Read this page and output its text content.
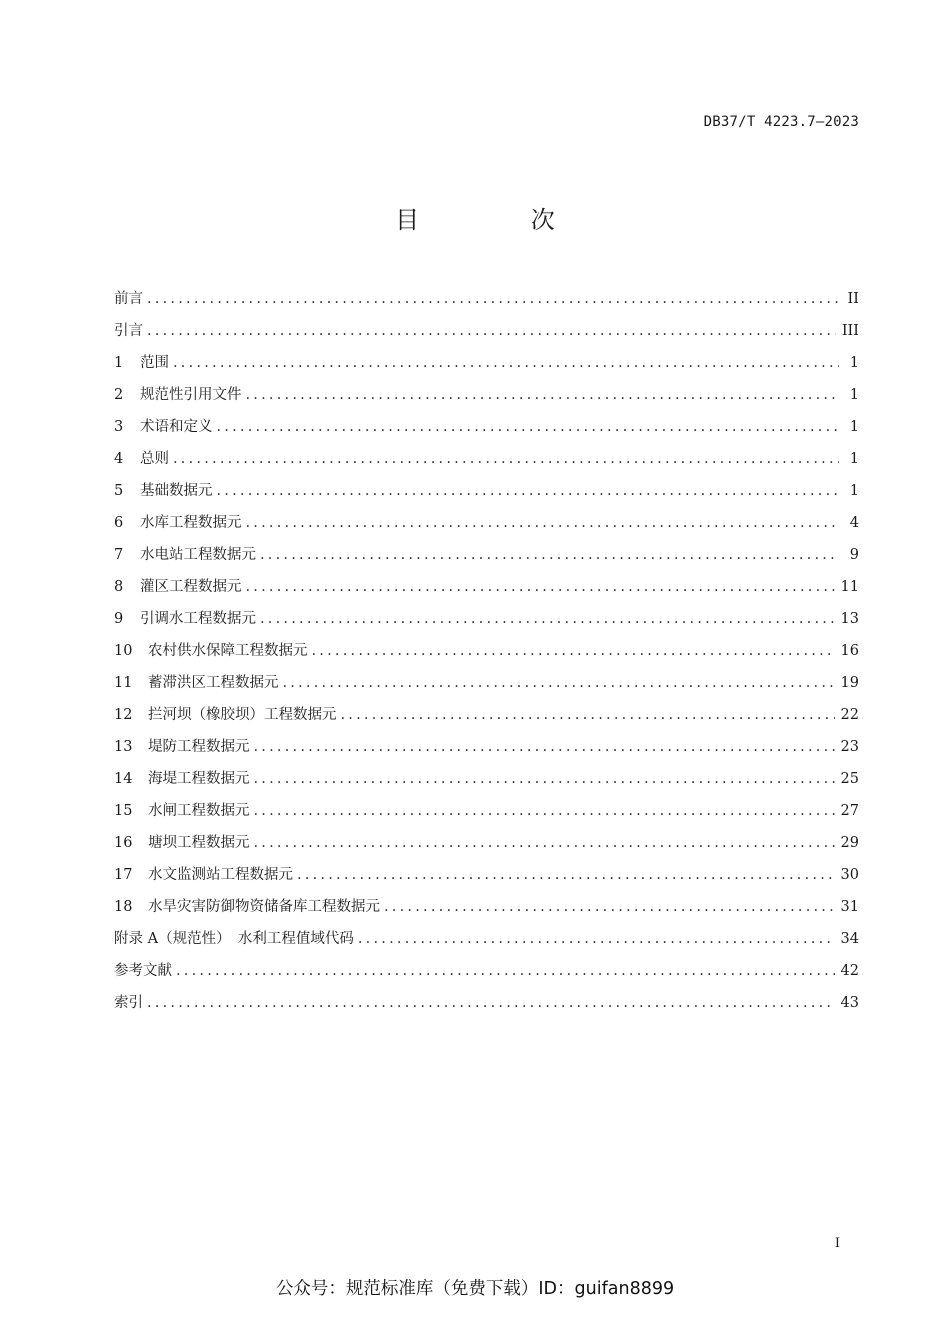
DB37/T 4223.7—2023
目 次
前言 .....	II
引言 .....	III
1	范围 .....	1
2	规范性引用文件 .....	1
3	术语和定义 .....	1
4	总则 .....	1
5	基础数据元 .....	1
6	水库工程数据元 .....	4
7	水电站工程数据元 .....	9
8	灌区工程数据元 .....	11
9	引调水工程数据元 .....	13
10	农村供水保障工程数据元 .....	16
11	蓄滞洪区工程数据元 .....	19
12	拦河坝（橡胶坝）工程数据元 .....	22
13	堤防工程数据元 .....	23
14	海堤工程数据元 .....	25
15	水闸工程数据元 .....	27
16	塘坝工程数据元 .....	29
17	水文监测站工程数据元 .....	30
18	水旱灾害防御物资储备库工程数据元 .....	31
附录 A（规范性）　水利工程值域代码 .....	34
参考文献 .....	42
索引 .....	43
I
公众号：规范标准库（免费下载）ID：guifan8899
